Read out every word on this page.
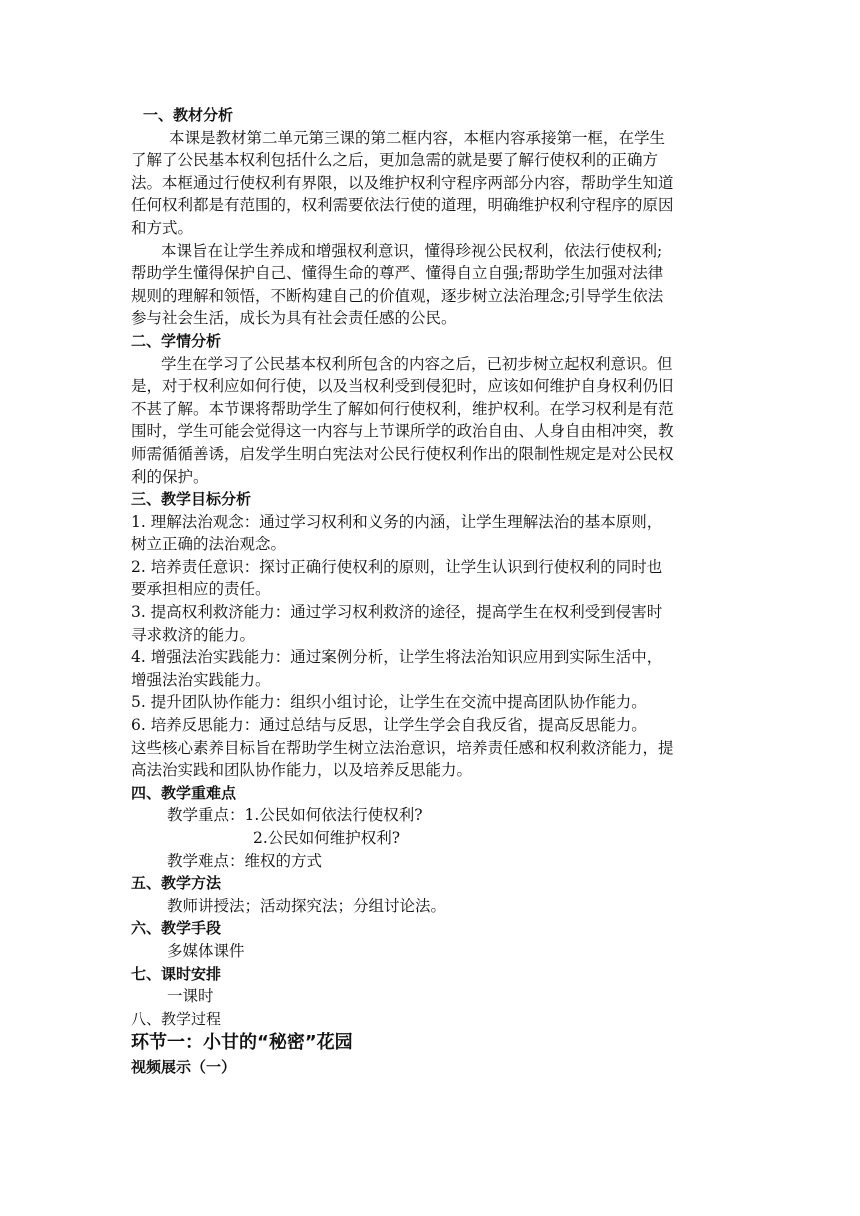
一、教材分析

本课是教材第二单元第三课的第二框内容，本框内容承接第一框，在学生

了解了公民基本权利包括什么之后，更加急需的就是要了解行使权利的正确方

法。本框通过行使权利有界限，以及维护权利守程序两部分内容，帮助学生知道

任何权利都是有范围的，权利需要依法行使的道理，明确维护权利守程序的原因

和方式。

本课旨在让学生养成和增强权利意识，懂得珍视公民权利，依法行使权利;

帮助学生懂得保护自己、懂得生命的尊严、懂得自立自强;帮助学生加强对法律

规则的理解和领悟，不断构建自己的价值观，逐步树立法治理念;引导学生依法

参与社会生活，成长为具有社会责任感的公民。

二、学情分析

学生在学习了公民基本权利所包含的内容之后，已初步树立起权利意识。但

是，对于权利应如何行使，以及当权利受到侵犯时，应该如何维护自身权利仍旧

不甚了解。本节课将帮助学生了解如何行使权利，维护权利。在学习权利是有范

围时，学生可能会觉得这一内容与上节课所学的政治自由、人身自由相冲突，教

师需循循善诱，启发学生明白宪法对公民行使权利作出的限制性规定是对公民权

利的保护。

三、教学目标分析

1. 理解法治观念：通过学习权利和义务的内涵，让学生理解法治的基本原则，

树立正确的法治观念。

2. 培养责任意识：探讨正确行使权利的原则，让学生认识到行使权利的同时也

要承担相应的责任。

3. 提高权利救济能力：通过学习权利救济的途径，提高学生在权利受到侵害时

寻求救济的能力。

4. 增强法治实践能力：通过案例分析，让学生将法治知识应用到实际生活中，

增强法治实践能力。

5. 提升团队协作能力：组织小组讨论，让学生在交流中提高团队协作能力。

6. 培养反思能力：通过总结与反思，让学生学会自我反省，提高反思能力。

这些核心素养目标旨在帮助学生树立法治意识，培养责任感和权利救济能力，提

高法治实践和团队协作能力，以及培养反思能力。

四、教学重难点

教学重点：1.公民如何依法行使权利?

2.公民如何维护权利?

教学难点：维权的方式

五、教学方法

教师讲授法；活动探究法；分组讨论法。

六、教学手段

多媒体课件

七、课时安排

一课时

八、教学过程

环节一：小甘的“秘密”花园

视频展示（一）
